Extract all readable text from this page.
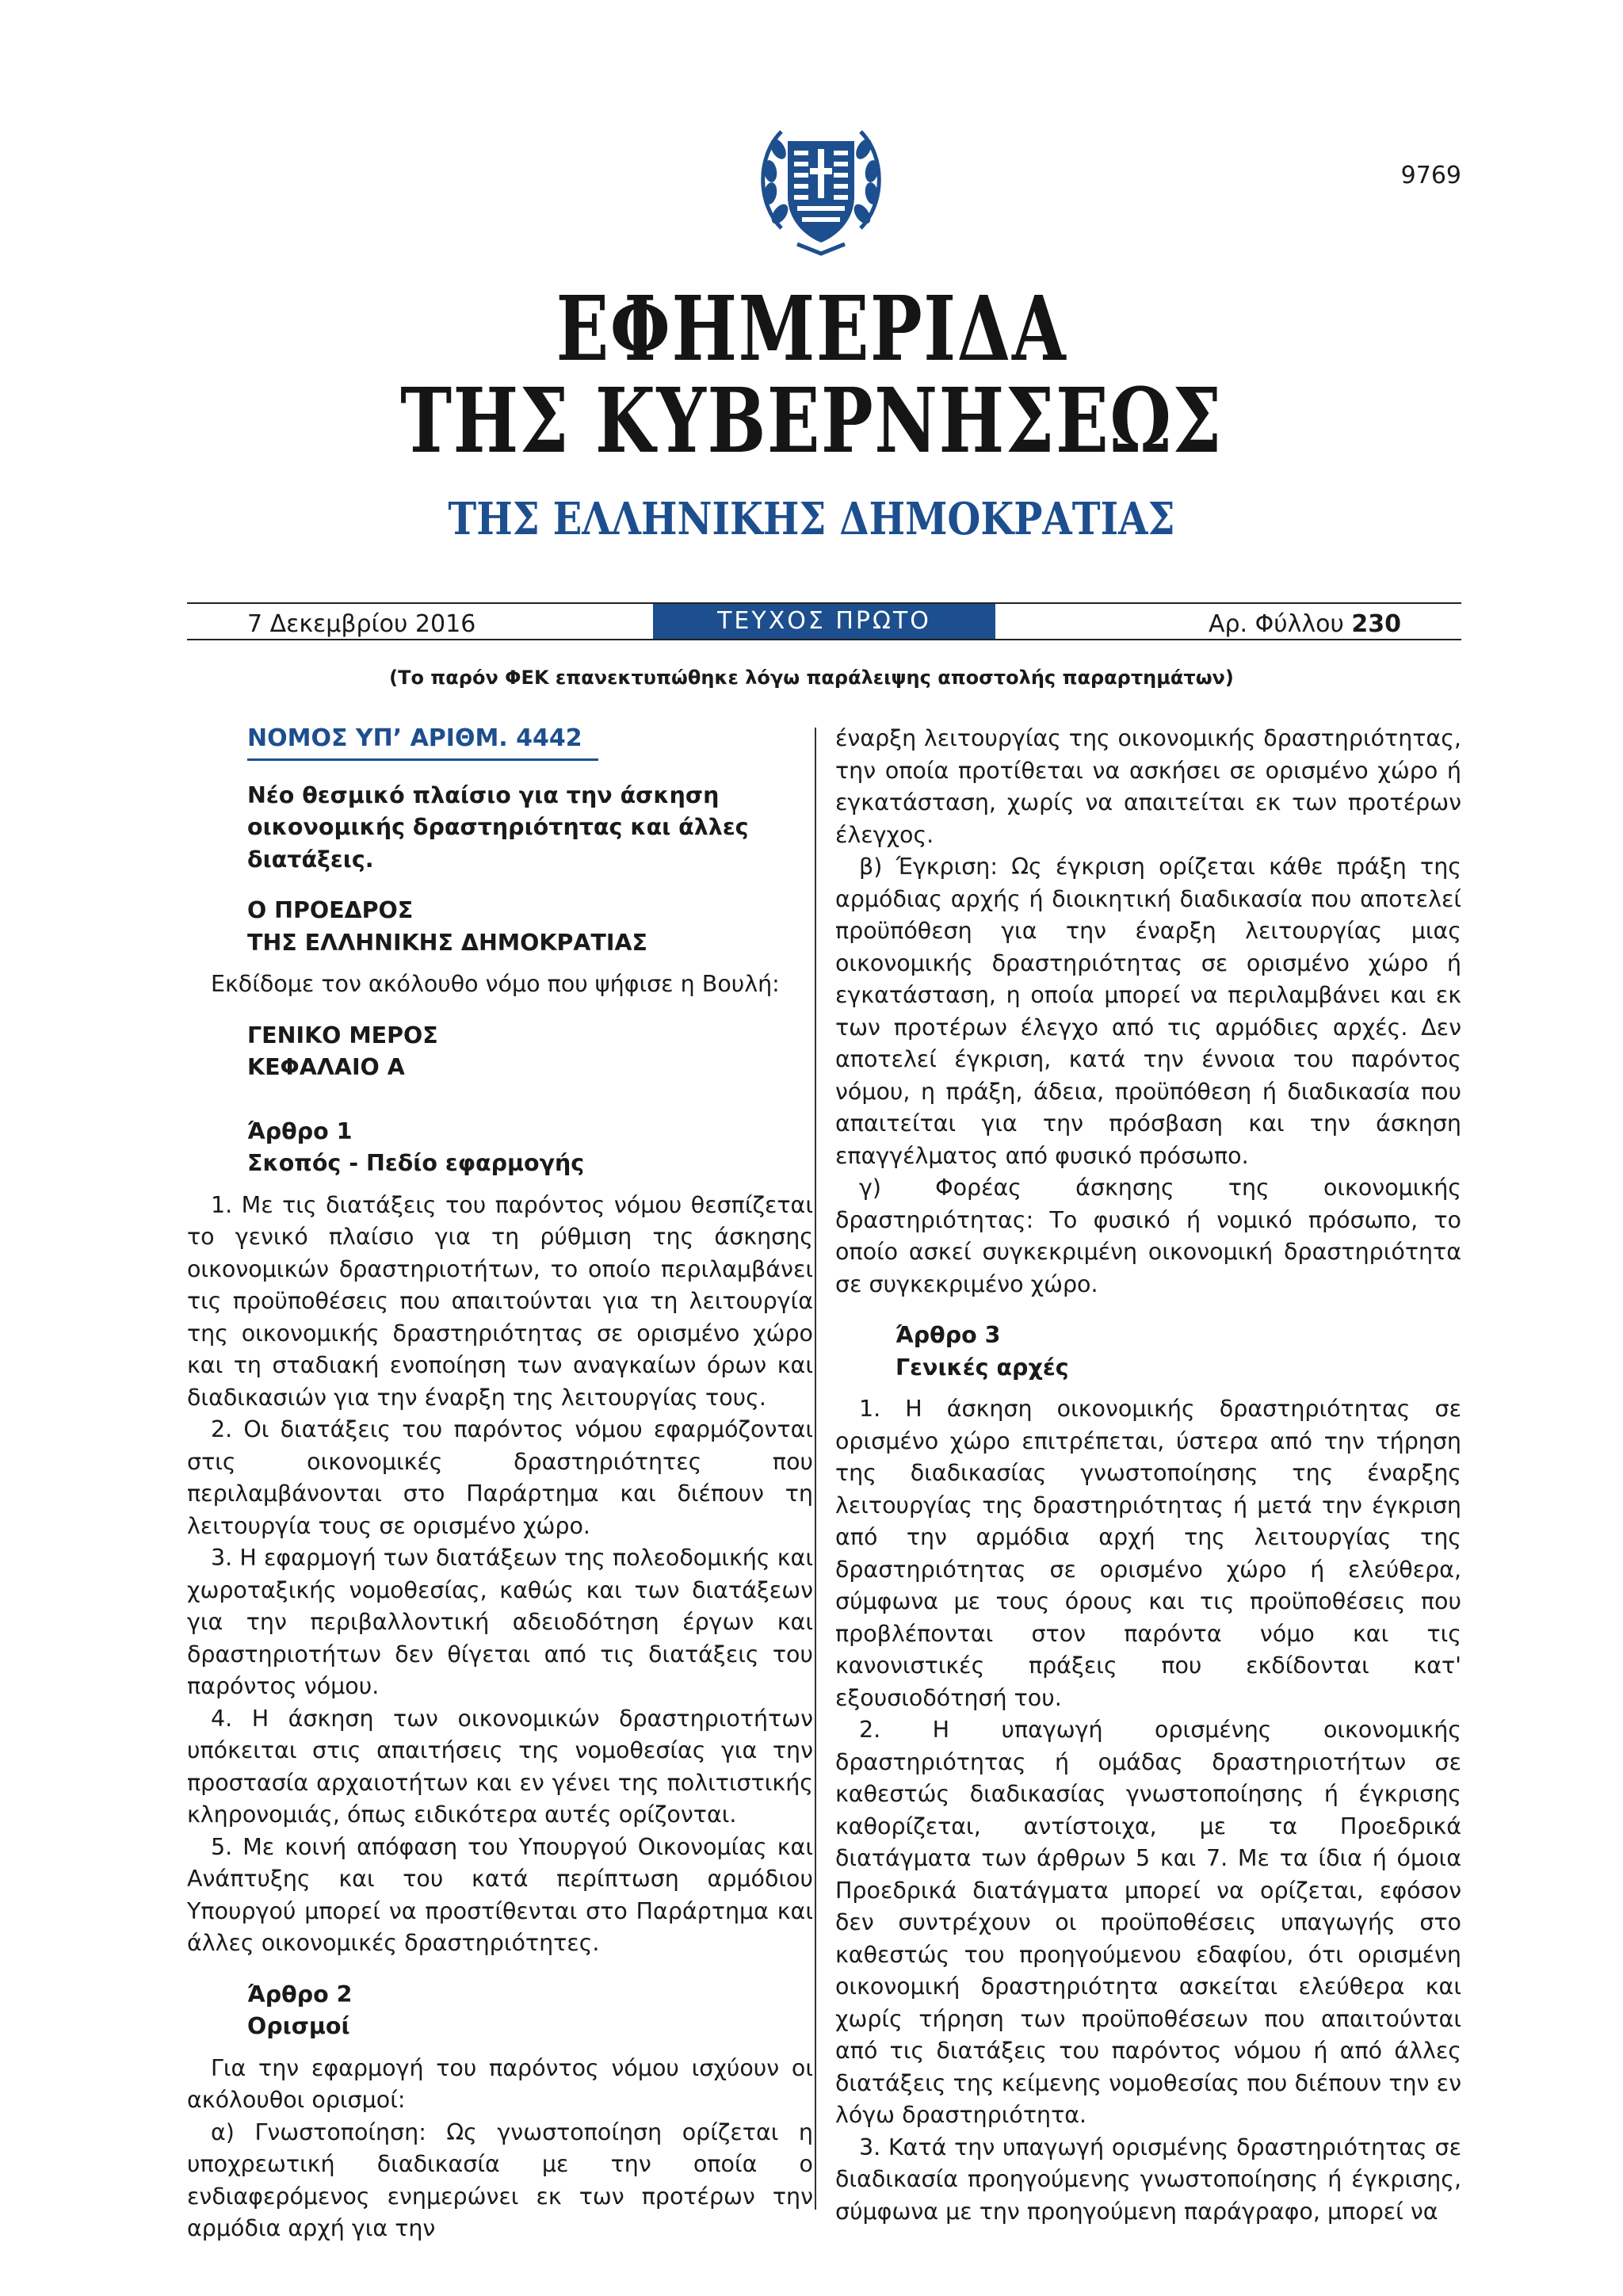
9769
ΕΦΗΜΕΡΙΔΑ
ΤΗΣ ΚΥΒΕΡΝΗΣΕΩΣ
ΤΗΣ ΕΛΛΗΝΙΚΗΣ ΔΗΜΟΚΡΑΤΙΑΣ
7 Δεκεμβρίου 2016	ΤΕΥΧΟΣ ΠΡΩΤΟ	Αρ. Φύλλου 230
(Το παρόν ΦΕΚ επανεκτυπώθηκε λόγω παράλειψης αποστολής παραρτημάτων)
ΝΟΜΟΣ ΥΠ’ ΑΡΙΘΜ. 4442
Νέο θεσμικό πλαίσιο για την άσκηση οικονομικής δραστηριότητας και άλλες διατάξεις.
Ο ΠΡΟΕΔΡΟΣ
ΤΗΣ ΕΛΛΗΝΙΚΗΣ ΔΗΜΟΚΡΑΤΙΑΣ

Εκδίδομε τον ακόλουθο νόμο που ψήφισε η Βουλή:

ΓΕΝΙΚΟ ΜΕΡΟΣ
ΚΕΦΑΛΑΙΟ Α
Άρθρο 1
Σκοπός - Πεδίο εφαρμογής

1. Με τις διατάξεις του παρόντος νόμου θεσπίζεται το γενικό πλαίσιο για τη ρύθμιση της άσκησης οικονομικών δραστηριοτήτων, το οποίο περιλαμβάνει τις προϋποθέσεις που απαιτούνται για τη λειτουργία της οικονομικής δραστηριότητας σε ορισμένο χώρο και τη σταδιακή ενοποίηση των αναγκαίων όρων και διαδικασιών για την έναρξη της λειτουργίας τους.

2. Οι διατάξεις του παρόντος νόμου εφαρμόζονται στις οικονομικές δραστηριότητες που περιλαμβάνονται στο Παράρτημα και διέπουν τη λειτουργία τους σε ορισμένο χώρο.

3. Η εφαρμογή των διατάξεων της πολεοδομικής και χωροταξικής νομοθεσίας, καθώς και των διατάξεων για την περιβαλλοντική αδειοδότηση έργων και δραστηριοτήτων δεν θίγεται από τις διατάξεις του παρόντος νόμου.

4. Η άσκηση των οικονομικών δραστηριοτήτων υπόκειται στις απαιτήσεις της νομοθεσίας για την προστασία αρχαιοτήτων και εν γένει της πολιτιστικής κληρονομιάς, όπως ειδικότερα αυτές ορίζονται.

5. Με κοινή απόφαση του Υπουργού Οικονομίας και Ανάπτυξης και του κατά περίπτωση αρμόδιου Υπουργού μπορεί να προστίθενται στο Παράρτημα και άλλες οικονομικές δραστηριότητες.

Άρθρο 2
Ορισμοί

Για την εφαρμογή του παρόντος νόμου ισχύουν οι ακόλουθοι ορισμοί:

α) Γνωστοποίηση: Ως γνωστοποίηση ορίζεται η υποχρεωτική διαδικασία με την οποία ο ενδιαφερόμενος ενημερώνει εκ των προτέρων την αρμόδια αρχή για την

έναρξη λειτουργίας της οικονομικής δραστηριότητας, την οποία προτίθεται να ασκήσει σε ορισμένο χώρο ή εγκατάσταση, χωρίς να απαιτείται εκ των προτέρων έλεγχος.

β) Έγκριση: Ως έγκριση ορίζεται κάθε πράξη της αρμόδιας αρχής ή διοικητική διαδικασία που αποτελεί προϋπόθεση για την έναρξη λειτουργίας μιας οικονομικής δραστηριότητας σε ορισμένο χώρο ή εγκατάσταση, η οποία μπορεί να περιλαμβάνει και εκ των προτέρων έλεγχο από τις αρμόδιες αρχές. Δεν αποτελεί έγκριση, κατά την έννοια του παρόντος νόμου, η πράξη, άδεια, προϋπόθεση ή διαδικασία που απαιτείται για την πρόσβαση και την άσκηση επαγγέλματος από φυσικό πρόσωπο.

γ) Φορέας άσκησης της οικονομικής δραστηριότητας: Το φυσικό ή νομικό πρόσωπο, το οποίο ασκεί συγκεκριμένη οικονομική δραστηριότητα σε συγκεκριμένο χώρο.

Άρθρο 3
Γενικές αρχές

1. Η άσκηση οικονομικής δραστηριότητας σε ορισμένο χώρο επιτρέπεται, ύστερα από την τήρηση της διαδικασίας γνωστοποίησης της έναρξης λειτουργίας της δραστηριότητας ή μετά την έγκριση από την αρμόδια αρχή της λειτουργίας της δραστηριότητας σε ορισμένο χώρο ή ελεύθερα, σύμφωνα με τους όρους και τις προϋποθέσεις που προβλέπονται στον παρόντα νόμο και τις κανονιστικές πράξεις που εκδίδονται κατ' εξουσιοδότησή του.

2. Η υπαγωγή ορισμένης οικονομικής δραστηριότητας ή ομάδας δραστηριοτήτων σε καθεστώς διαδικασίας γνωστοποίησης ή έγκρισης καθορίζεται, αντίστοιχα, με τα Προεδρικά διατάγματα των άρθρων 5 και 7. Με τα ίδια ή όμοια Προεδρικά διατάγματα μπορεί να ορίζεται, εφόσον δεν συντρέχουν οι προϋποθέσεις υπαγωγής στο καθεστώς του προηγούμενου εδαφίου, ότι ορισμένη οικονομική δραστηριότητα ασκείται ελεύθερα και χωρίς τήρηση των προϋποθέσεων που απαιτούνται από τις διατάξεις του παρόντος νόμου ή από άλλες διατάξεις της κείμενης νομοθεσίας που διέπουν την εν λόγω δραστηριότητα.

3. Κατά την υπαγωγή ορισμένης δραστηριότητας σε διαδικασία προηγούμενης γνωστοποίησης ή έγκρισης, σύμφωνα με την προηγούμενη παράγραφο, μπορεί να
